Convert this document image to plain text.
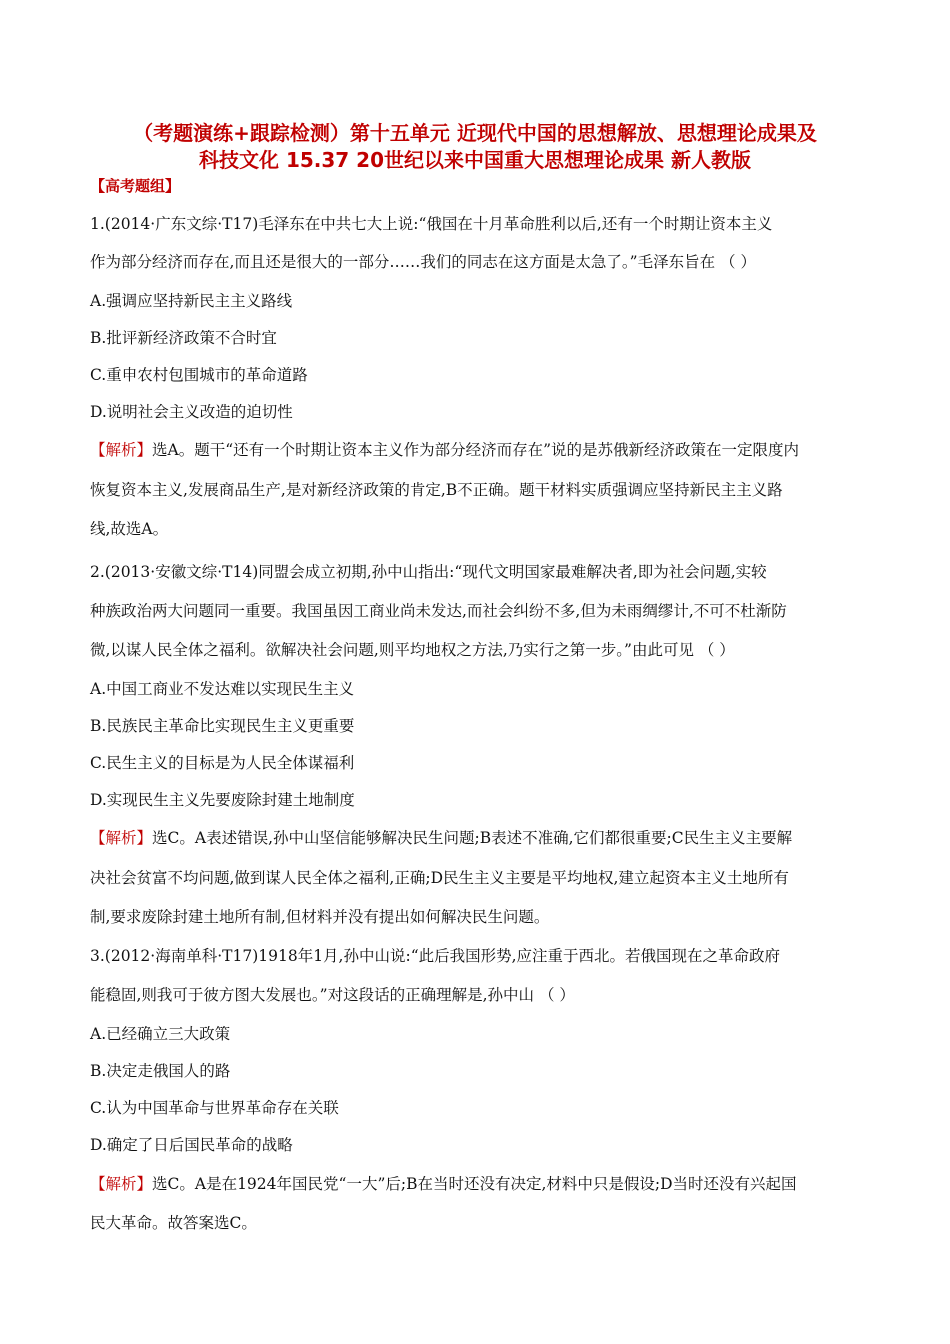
（考题演练+跟踪检测）第十五单元 近现代中国的思想解放、思想理论成果及
科技文化 15.37 20世纪以来中国重大思想理论成果 新人教版
【高考题组】
1.(2014·广东文综·T17)毛泽东在中共七大上说:“俄国在十月革命胜利以后,还有一个时期让资本主义
作为部分经济而存在,而且还是很大的一部分……我们的同志在这方面是太急了。”毛泽东旨在 （ ）
A.强调应坚持新民主主义路线
B.批评新经济政策不合时宜
C.重申农村包围城市的革命道路
D.说明社会主义改造的迫切性
【解析】选A。题干“还有一个时期让资本主义作为部分经济而存在”说的是苏俄新经济政策在一定限度内
恢复资本主义,发展商品生产,是对新经济政策的肯定,B不正确。题干材料实质强调应坚持新民主主义路
线,故选A。
2.(2013·安徽文综·T14)同盟会成立初期,孙中山指出:“现代文明国家最难解决者,即为社会问题,实较
种族政治两大问题同一重要。我国虽因工商业尚未发达,而社会纠纷不多,但为未雨绸缪计,不可不杜渐防
微,以谋人民全体之福利。欲解决社会问题,则平均地权之方法,乃实行之第一步。”由此可见 （ ）
A.中国工商业不发达难以实现民生主义
B.民族民主革命比实现民生主义更重要
C.民生主义的目标是为人民全体谋福利
D.实现民生主义先要废除封建土地制度
【解析】选C。A表述错误,孙中山坚信能够解决民生问题;B表述不准确,它们都很重要;C民生主义主要解
决社会贫富不均问题,做到谋人民全体之福利,正确;D民生主义主要是平均地权,建立起资本主义土地所有
制,要求废除封建土地所有制,但材料并没有提出如何解决民生问题。
3.(2012·海南单科·T17)1918年1月,孙中山说:“此后我国形势,应注重于西北。若俄国现在之革命政府
能稳固,则我可于彼方图大发展也。”对这段话的正确理解是,孙中山 （ ）
A.已经确立三大政策
B.决定走俄国人的路
C.认为中国革命与世界革命存在关联
D.确定了日后国民革命的战略
【解析】选C。A是在1924年国民党“一大”后;B在当时还没有决定,材料中只是假设;D当时还没有兴起国
民大革命。故答案选C。
